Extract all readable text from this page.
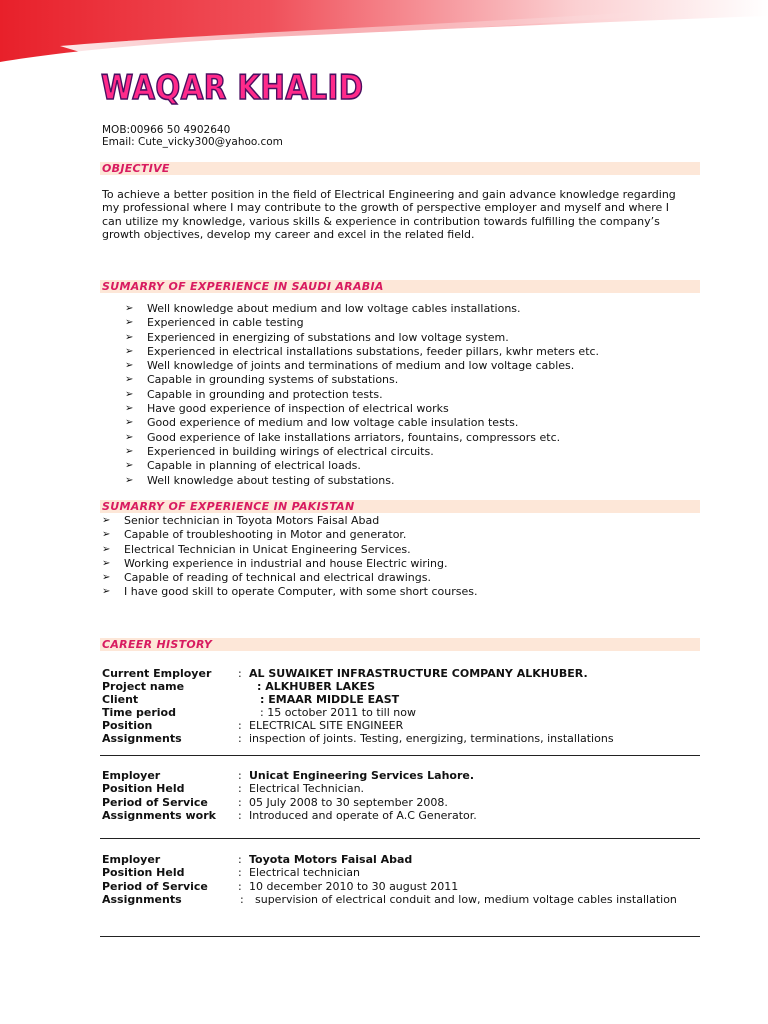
WAQAR KHALID
MOB:00966 50 4902640
Email: Cute_vicky300@yahoo.com
OBJECTIVE
To achieve a better position in the field of Electrical Engineering and gain advance knowledge regarding
my professional where I may contribute to the growth of perspective employer and myself and where I
can utilize my knowledge, various skills & experience in contribution towards fulfilling the company’s
growth objectives, develop my career and excel in the related field.
SUMARRY OF EXPERIENCE IN SAUDI ARABIA
➢ Well knowledge about medium and low voltage cables installations.
➢ Experienced in cable testing
➢ Experienced in energizing of substations and low voltage system.
➢ Experienced in electrical installations substations, feeder pillars, kwhr meters etc.
➢ Well knowledge of joints and terminations of medium and low voltage cables.
➢ Capable in grounding systems of substations.
➢ Capable in grounding and protection tests.
➢ Have good experience of inspection of electrical works
➢ Good experience of medium and low voltage cable insulation tests.
➢ Good experience of lake installations arriators, fountains, compressors etc.
➢ Experienced in building wirings of electrical circuits.
➢ Capable in planning of electrical loads.
➢ Well knowledge about testing of substations.
SUMARRY OF EXPERIENCE IN PAKISTAN
➢ Senior technician in Toyota Motors Faisal Abad
➢ Capable of troubleshooting in Motor and generator.
➢ Electrical Technician in Unicat Engineering Services.
➢ Working experience in industrial and house Electric wiring.
➢ Capable of reading of technical and electrical drawings.
➢ I have good skill to operate Computer, with some short courses.
CAREER HISTORY
Current Employer : AL SUWAIKET INFRASTRUCTURE COMPANY ALKHUBER.
Project name	: ALKHUBER LAKES
Client	: EMAAR MIDDLE EAST
Time period	: 15 october 2011 to till now
Position	: ELECTRICAL SITE ENGINEER
Assignments	: inspection of joints. Testing, energizing, terminations, installations
Employer	: Unicat Engineering Services Lahore.
Position Held	: Electrical Technician.
Period of Service	: 05 July 2008 to 30 september 2008.
Assignments work : Introduced and operate of A.C Generator.
Employer	: Toyota Motors Faisal Abad
Position Held	: Electrical technician
Period of Service	: 10 december 2010 to 30 august 2011
Assignments	: supervision of electrical conduit and low, medium voltage cables installation
